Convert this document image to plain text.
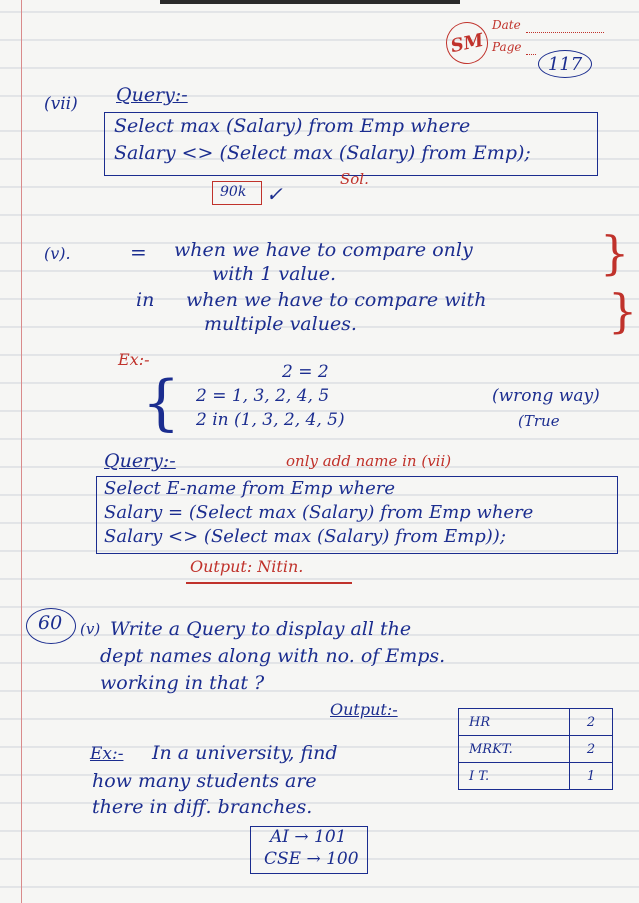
SM
Date
Page
117
(vii) Query:-
Select max (Salary) from Emp where
Salary <> (Select max (Salary) from Emp);
Sol.
90k ✓
(v).	= when we have to compare only
with 1 value.
in when we have to compare with
multiple values.
}
}
Ex:-
2 = 2
{ 2 = 1, 3, 2, 4, 5	(wrong way)
2 in (1, 3, 2, 4, 5)	(True
Query:-	only add name in (vii)
Select E-name from Emp where
Salary = (Select max (Salary) from Emp where
Salary <> (Select max (Salary) from Emp));
Output: Nitin.
60 (v) Write a Query to display all the
dept names along with no. of Emps.
working in that ?
Output:-
HR	2
MRKT.	2
I T.	1
Ex:- In a university, find
how many students are
there in diff. branches.
AI → 101
CSE → 100
